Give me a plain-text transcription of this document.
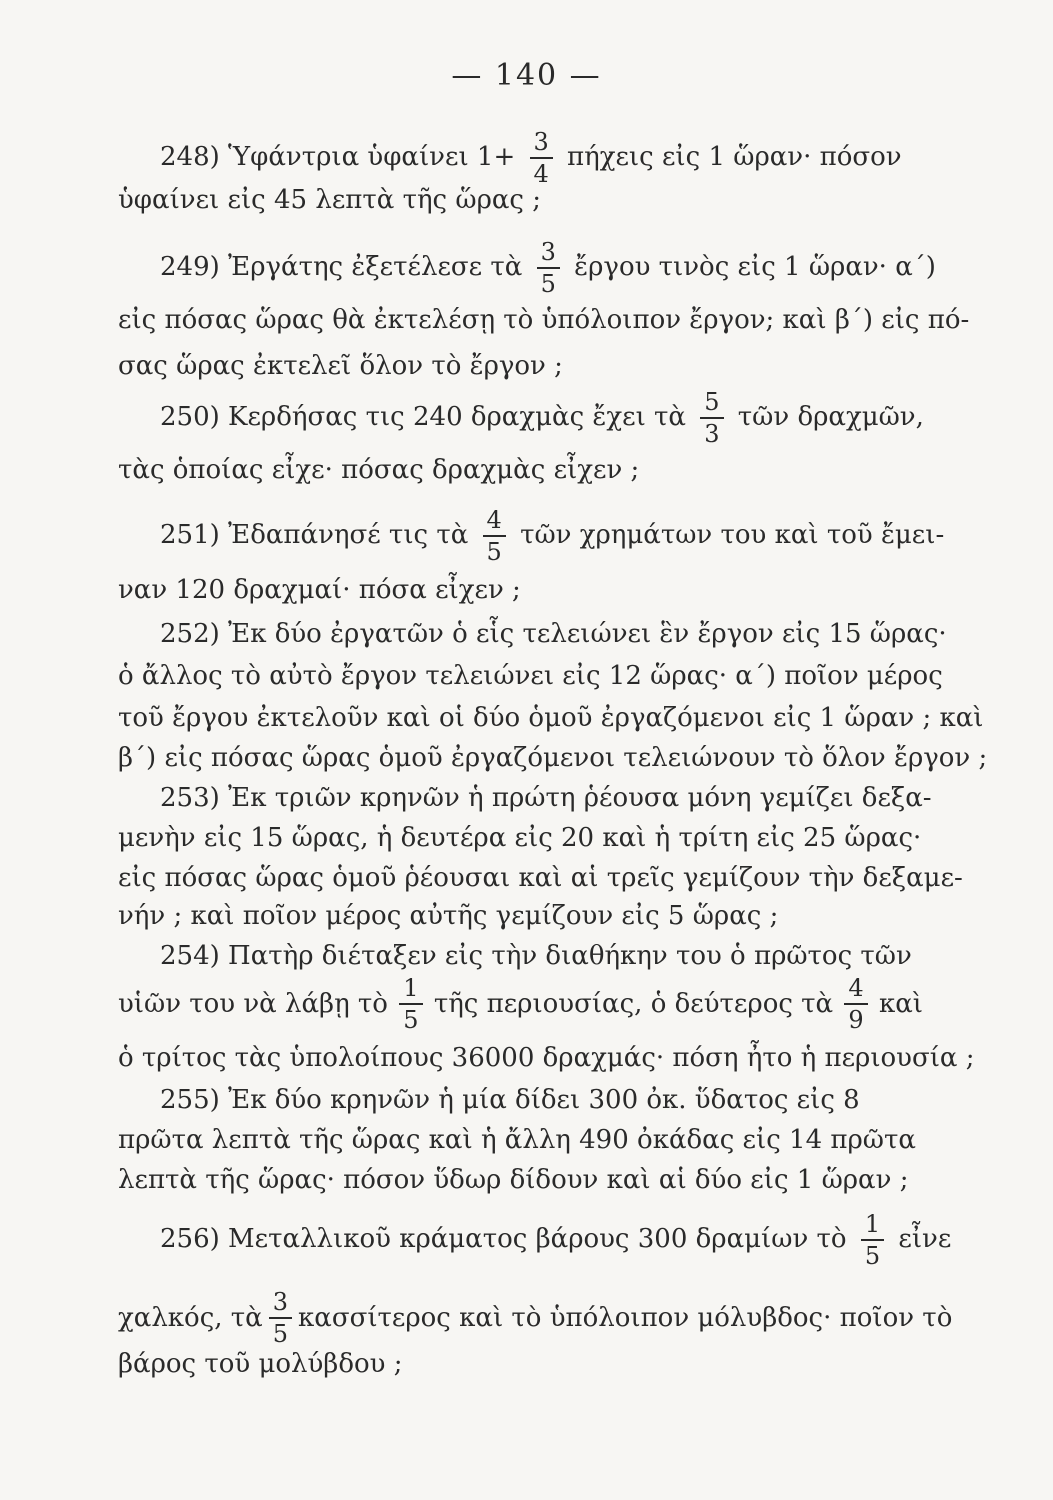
— 140 —
248) Ὑφάντρια ὑφαίνει $1+ \frac{3}{4}$ πήχεις εἰς 1 ὥραν· πόσον
ὑφαίνει εἰς 45 λεπτὰ τῆς ὥρας ;
249) Ἐργάτης ἐξετέλεσε τὰ $\frac{3}{5}$ ἔργου τινὸς εἰς 1 ὥραν· α΄)
εἰς πόσας ὥρας θὰ ἐκτελέσῃ τὸ ὑπόλοιπον ἔργον; καὶ β΄) εἰς πό-
σας ὥρας ἐκτελεῖ ὅλον τὸ ἔργον ;
250) Κερδήσας τις 240 δραχμὰς ἔχει τὰ $\frac{5}{3}$ τῶν δραχμῶν,
τὰς ὁποίας εἶχε· πόσας δραχμὰς εἶχεν ;
251) Ἐδαπάνησέ τις τὰ $\frac{4}{5}$ τῶν χρημάτων του καὶ τοῦ ἔμει-
ναν 120 δραχμαί· πόσα εἶχεν ;
252) Ἐκ δύο ἐργατῶν ὁ εἷς τελειώνει ἓν ἔργον εἰς 15 ὥρας·
ὁ ἄλλος τὸ αὐτὸ ἔργον τελειώνει εἰς 12 ὥρας· α΄) ποῖον μέρος
τοῦ ἔργου ἐκτελοῦν καὶ οἱ δύο ὁμοῦ ἐργαζόμενοι εἰς 1 ὥραν ; καὶ
β΄) εἰς πόσας ὥρας ὁμοῦ ἐργαζόμενοι τελειώνουν τὸ ὅλον ἔργον ;
253) Ἐκ τριῶν κρηνῶν ἡ πρώτη ῥέουσα μόνη γεμίζει δεξα-
μενὴν εἰς 15 ὥρας, ἡ δευτέρα εἰς 20 καὶ ἡ τρίτη εἰς 25 ὥρας·
εἰς πόσας ὥρας ὁμοῦ ῥέουσαι καὶ αἱ τρεῖς γεμίζουν τὴν δεξαμε-
νήν ; καὶ ποῖον μέρος αὐτῆς γεμίζουν εἰς 5 ὥρας ;
254) Πατὴρ διέταξεν εἰς τὴν διαθήκην του ὁ πρῶτος τῶν
υἱῶν του νὰ λάβῃ τὸ $\frac{1}{5}$ τῆς περιουσίας, ὁ δεύτερος τὰ $\frac{4}{9}$ καὶ
ὁ τρίτος τὰς ὑπολοίπους 36000 δραχμάς· πόση ἦτο ἡ περιουσία ;
255) Ἐκ δύο κρηνῶν ἡ μία δίδει 300 ὀκ. ὕδατος εἰς 8
πρῶτα λεπτὰ τῆς ὥρας καὶ ἡ ἄλλη 490 ὀκάδας εἰς 14 πρῶτα
λεπτὰ τῆς ὥρας· πόσον ὕδωρ δίδουν καὶ αἱ δύο εἰς 1 ὥραν ;
256) Μεταλλικοῦ κράματος βάρους 300 δραμίων τὸ $\frac{1}{5}$ εἶνε
χαλκός, τὰ $\frac{3}{5}$ κασσίτερος καὶ τὸ ὑπόλοιπον μόλυβδος· ποῖον τὸ
βάρος τοῦ μολύβδου ;
